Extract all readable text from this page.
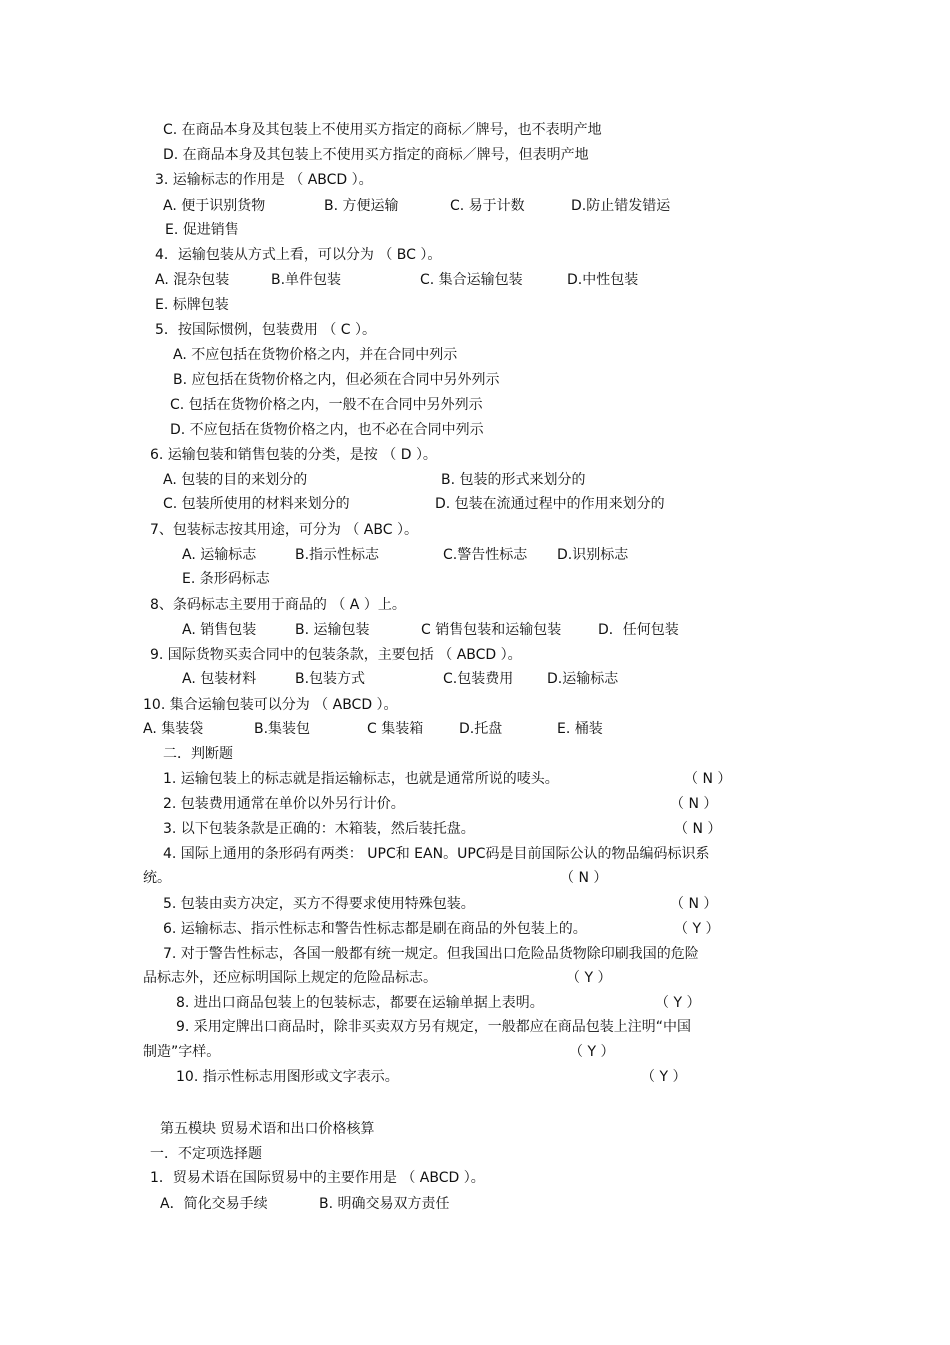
C. 在商品本身及其包装上不使用买方指定的商标／牌号，也不表明产地
D. 在商品本身及其包装上不使用买方指定的商标／牌号，但表明产地
3. 运输标志的作用是 （ ABCD ）。
A. 便于识别货物	B. 方便运输	C. 易于计数	D.防止错发错运
E. 促进销售
4．运输包装从方式上看，可以分为 （ BC ）。
A. 混杂包装	B.单件包装	C. 集合运输包装	D.中性包装
E. 标牌包装
5．按国际惯例，包装费用 （ C ）。
A. 不应包括在货物价格之内，并在合同中列示
B. 应包括在货物价格之内，但必须在合同中另外列示
C. 包括在货物价格之内，一般不在合同中另外列示
D. 不应包括在货物价格之内，也不必在合同中列示
6. 运输包装和销售包装的分类，是按 （ D ）。
A. 包装的目的来划分的	B. 包装的形式来划分的
C. 包装所使用的材料来划分的	D. 包装在流通过程中的作用来划分的
7、包装标志按其用途，可分为 （ ABC ）。
A. 运输标志	B.指示性标志	C.警告性标志 D.识别标志
E. 条形码标志
8、条码标志主要用于商品的 （ A ）上。
A. 销售包装	B. 运输包装	C 销售包装和运输包装	D．任何包装
9. 国际货物买卖合同中的包装条款，主要包括 （ ABCD ）。
A. 包装材料	B.包装方式	C.包装费用 D.运输标志
10. 集合运输包装可以分为 （ ABCD ）。
A. 集装袋	B.集装包	C 集装箱	D.托盘	E. 桶装
二．判断题
1. 运输包装上的标志就是指运输标志，也就是通常所说的唛头。	（ N ）
2. 包装费用通常在单价以外另行计价。	（ N ）
3. 以下包装条款是正确的：木箱装，然后装托盘。	（ N ）
4. 国际上通用的条形码有两类： UPC和 EAN。UPC码是目前国际公认的物品编码标识系
统。	（ N ）
5. 包装由卖方决定，买方不得要求使用特殊包装。	（ N ）
6. 运输标志、指示性标志和警告性标志都是刷在商品的外包装上的。	（ Y ）
7. 对于警告性标志，各国一般都有统一规定。但我国出口危险品货物除印刷我国的危险
品标志外，还应标明国际上规定的危险品标志。	（ Y ）
8. 进出口商品包装上的包装标志，都要在运输单据上表明。	（ Y ）
9. 采用定牌出口商品时，除非买卖双方另有规定，一般都应在商品包装上注明“中国
制造”字样。	（ Y ）
10. 指示性标志用图形或文字表示。	（ Y ）
第五模块 贸易术语和出口价格核算
一．不定项选择题
1．贸易术语在国际贸易中的主要作用是 （ ABCD ）。
A．简化交易手续	B. 明确交易双方责任
